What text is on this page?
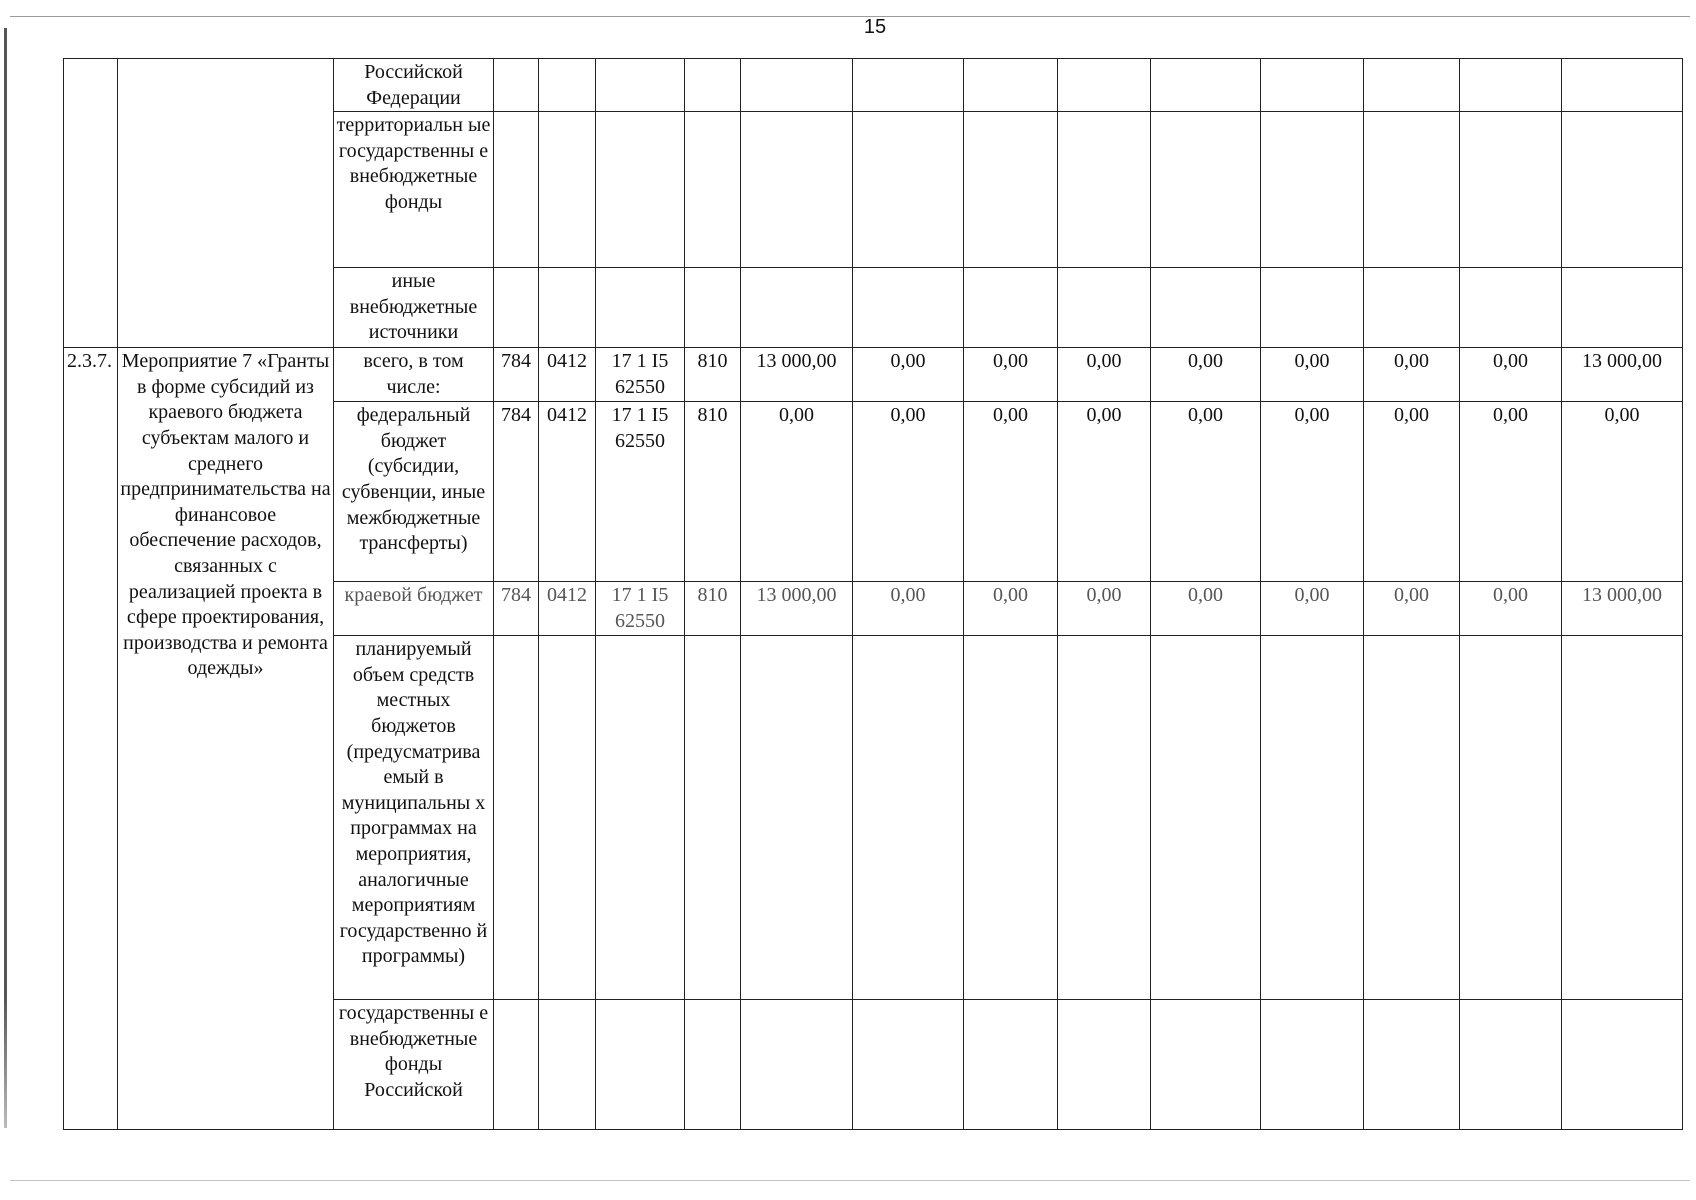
15
		Российской Федерации													
		территориальн ые государственны е внебюджетные фонды													
		иные внебюджетные источники													
2.3.7.	Мероприятие 7 «Гранты в форме субсидий из краевого бюджета субъектам малого и среднего предпринимательства на финансовое обеспечение расходов, связанных с реализацией проекта в сфере проектирования, производства и ремонта одежды»	всего, в том числе:	784	0412	17 1 I5 62550	810	13 000,00	0,00	0,00	0,00	0,00	0,00	0,00	0,00	13 000,00
		федеральный бюджет (субсидии, субвенции, иные межбюджетные трансферты)	784	0412	17 1 I5 62550	810	0,00	0,00	0,00	0,00	0,00	0,00	0,00	0,00	0,00
		краевой бюджет	784	0412	17 1 I5 62550	810	13 000,00	0,00	0,00	0,00	0,00	0,00	0,00	0,00	13 000,00
		планируемый объем средств местных бюджетов (предусматрива емый в муниципальны х программах на мероприятия, аналогичные мероприятиям государственно й программы)													
		государственны е внебюджетные фонды Российской													
